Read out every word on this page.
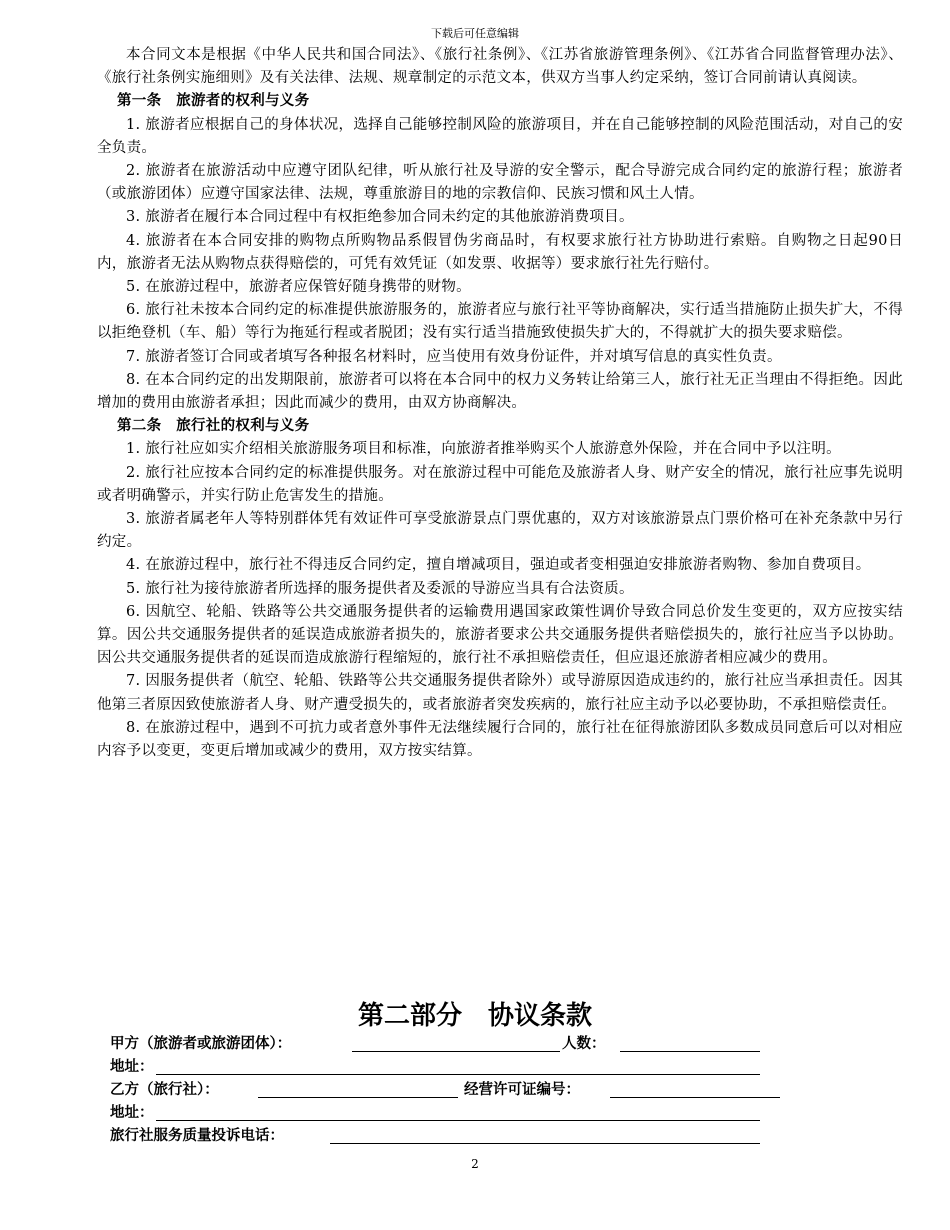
下载后可任意编辑

本合同文本是根据《中华人民共和国合同法》、《旅行社条例》、《江苏省旅游管理条例》、《江苏省合同监督管理办法》、《旅行社条例实施细则》及有关法律、法规、规章制定的示范文本，供双方当事人约定采纳，签订合同前请认真阅读。

第一条　旅游者的权利与义务

1. 旅游者应根据自己的身体状况，选择自己能够控制风险的旅游项目，并在自己能够控制的风险范围活动，对自己的安全负责。

2. 旅游者在旅游活动中应遵守团队纪律，听从旅行社及导游的安全警示，配合导游完成合同约定的旅游行程；旅游者（或旅游团体）应遵守国家法律、法规，尊重旅游目的地的宗教信仰、民族习惯和风土人情。

3. 旅游者在履行本合同过程中有权拒绝参加合同未约定的其他旅游消费项目。

4. 旅游者在本合同安排的购物点所购物品系假冒伪劣商品时，有权要求旅行社方协助进行索赔。自购物之日起90日内，旅游者无法从购物点获得赔偿的，可凭有效凭证（如发票、收据等）要求旅行社先行赔付。

5. 在旅游过程中，旅游者应保管好随身携带的财物。

6. 旅行社未按本合同约定的标准提供旅游服务的，旅游者应与旅行社平等协商解决，实行适当措施防止损失扩大，不得以拒绝登机（车、船）等行为拖延行程或者脱团；没有实行适当措施致使损失扩大的，不得就扩大的损失要求赔偿。

7. 旅游者签订合同或者填写各种报名材料时，应当使用有效身份证件，并对填写信息的真实性负责。

8. 在本合同约定的出发期限前，旅游者可以将在本合同中的权力义务转让给第三人，旅行社无正当理由不得拒绝。因此增加的费用由旅游者承担；因此而减少的费用，由双方协商解决。

第二条　旅行社的权利与义务

1. 旅行社应如实介绍相关旅游服务项目和标准，向旅游者推举购买个人旅游意外保险，并在合同中予以注明。

2. 旅行社应按本合同约定的标准提供服务。对在旅游过程中可能危及旅游者人身、财产安全的情况，旅行社应事先说明或者明确警示，并实行防止危害发生的措施。

3. 旅游者属老年人等特别群体凭有效证件可享受旅游景点门票优惠的，双方对该旅游景点门票价格可在补充条款中另行约定。

4. 在旅游过程中，旅行社不得违反合同约定，擅自增减项目，强迫或者变相强迫安排旅游者购物、参加自费项目。

5. 旅行社为接待旅游者所选择的服务提供者及委派的导游应当具有合法资质。

6. 因航空、轮船、铁路等公共交通服务提供者的运输费用遇国家政策性调价导致合同总价发生变更的，双方应按实结算。因公共交通服务提供者的延误造成旅游者损失的，旅游者要求公共交通服务提供者赔偿损失的，旅行社应当予以协助。因公共交通服务提供者的延误而造成旅游行程缩短的，旅行社不承担赔偿责任，但应退还旅游者相应减少的费用。

7. 因服务提供者（航空、轮船、铁路等公共交通服务提供者除外）或导游原因造成违约的，旅行社应当承担责任。因其他第三者原因致使旅游者人身、财产遭受损失的，或者旅游者突发疾病的，旅行社应主动予以必要协助，不承担赔偿责任。

8. 在旅游过程中，遇到不可抗力或者意外事件无法继续履行合同的，旅行社在征得旅游团队多数成员同意后可以对相应内容予以变更，变更后增加或减少的费用，双方按实结算。

第二部分　协议条款
甲方（旅游者或旅游团体）：	人数：
地址：
乙方（旅行社）：	经营许可证编号：
地址：
旅行社服务质量投诉电话：
2
